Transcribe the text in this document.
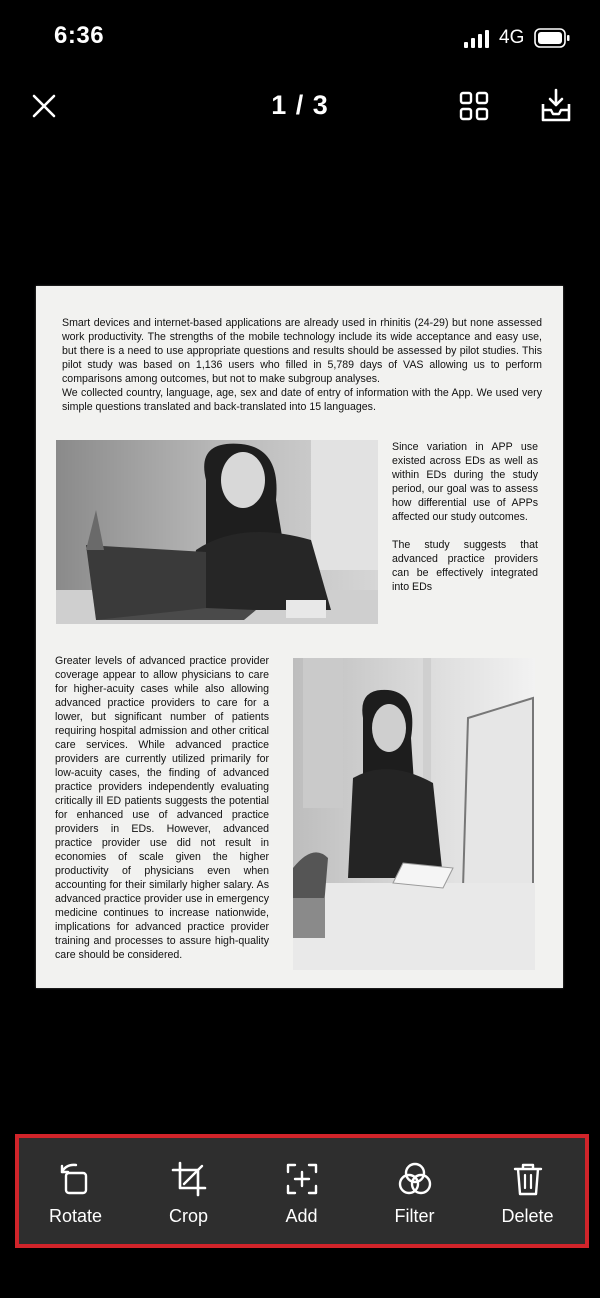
6:36	4G
1 / 3

Smart devices and internet-based applications are already used in rhinitis (24-29) but none assessed work productivity. The strengths of the mobile technology include its wide acceptance and easy use, but there is a need to use appropriate questions and results should be assessed by pilot studies. This pilot study was based on 1,136 users who filled in 5,789 days of VAS allowing us to perform comparisons among outcomes, but not to make subgroup analyses.

We collected country, language, age, sex and date of entry of information with the App. We used very simple questions translated and back-translated into 15 languages.

Since variation in APP use existed across EDs as well as within EDs during the study period, our goal was to assess how differential use of APPs affected our study outcomes.

The study suggests that advanced practice providers can be effectively integrated into EDs

Greater levels of advanced practice provider coverage appear to allow physicians to care for higher-acuity cases while also allowing advanced practice providers to care for a lower, but significant number of patients requiring hospital admission and other critical care services. While advanced practice providers are currently utilized primarily for low-acuity cases, the finding of advanced practice providers independently evaluating critically ill ED patients suggests the potential for enhanced use of advanced practice providers in EDs. However, advanced practice provider use did not result in economies of scale given the higher productivity of physicians even when accounting for their similarly higher salary. As advanced practice provider use in emergency medicine continues to increase nationwide, implications for advanced practice provider training and processes to assure high-quality care should be considered.

Rotate	Crop	Add	Filter	Delete
